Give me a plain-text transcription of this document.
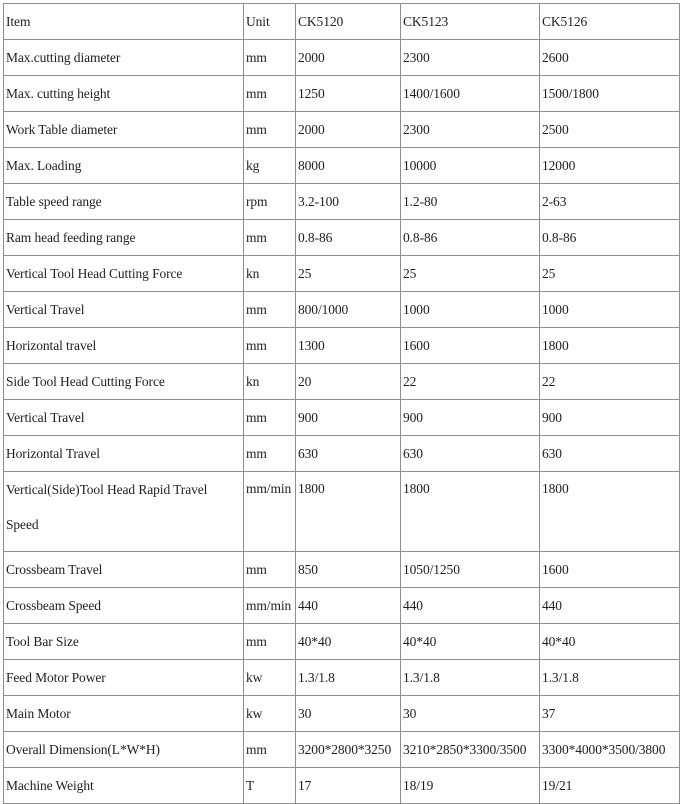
Item	Unit	CK5120	CK5123	CK5126
Max.cutting diameter	mm	2000	2300	2600
Max. cutting height	mm	1250	1400/1600	1500/1800
Work Table diameter	mm	2000	2300	2500
Max. Loading	kg	8000	10000	12000
Table speed range	rpm	3.2-100	1.2-80	2-63
Ram head feeding range	mm	0.8-86	0.8-86	0.8-86
Vertical Tool Head Cutting Force	kn	25	25	25
Vertical Travel	mm	800/1000	1000	1000
Horizontal travel	mm	1300	1600	1800
Side Tool Head Cutting Force	kn	20	22	22
Vertical Travel	mm	900	900	900
Horizontal Travel	mm	630	630	630
Vertical(Side)Tool Head Rapid Travel Speed	mm/min	1800	1800	1800
Crossbeam Travel	mm	850	1050/1250	1600
Crossbeam Speed	mm/min	440	440	440
Tool Bar Size	mm	40*40	40*40	40*40
Feed Motor Power	kw	1.3/1.8	1.3/1.8	1.3/1.8
Main Motor	kw	30	30	37
Overall Dimension(L*W*H)	mm	3200*2800*3250	3210*2850*3300/3500	3300*4000*3500/3800
Machine Weight	T	17	18/19	19/21
